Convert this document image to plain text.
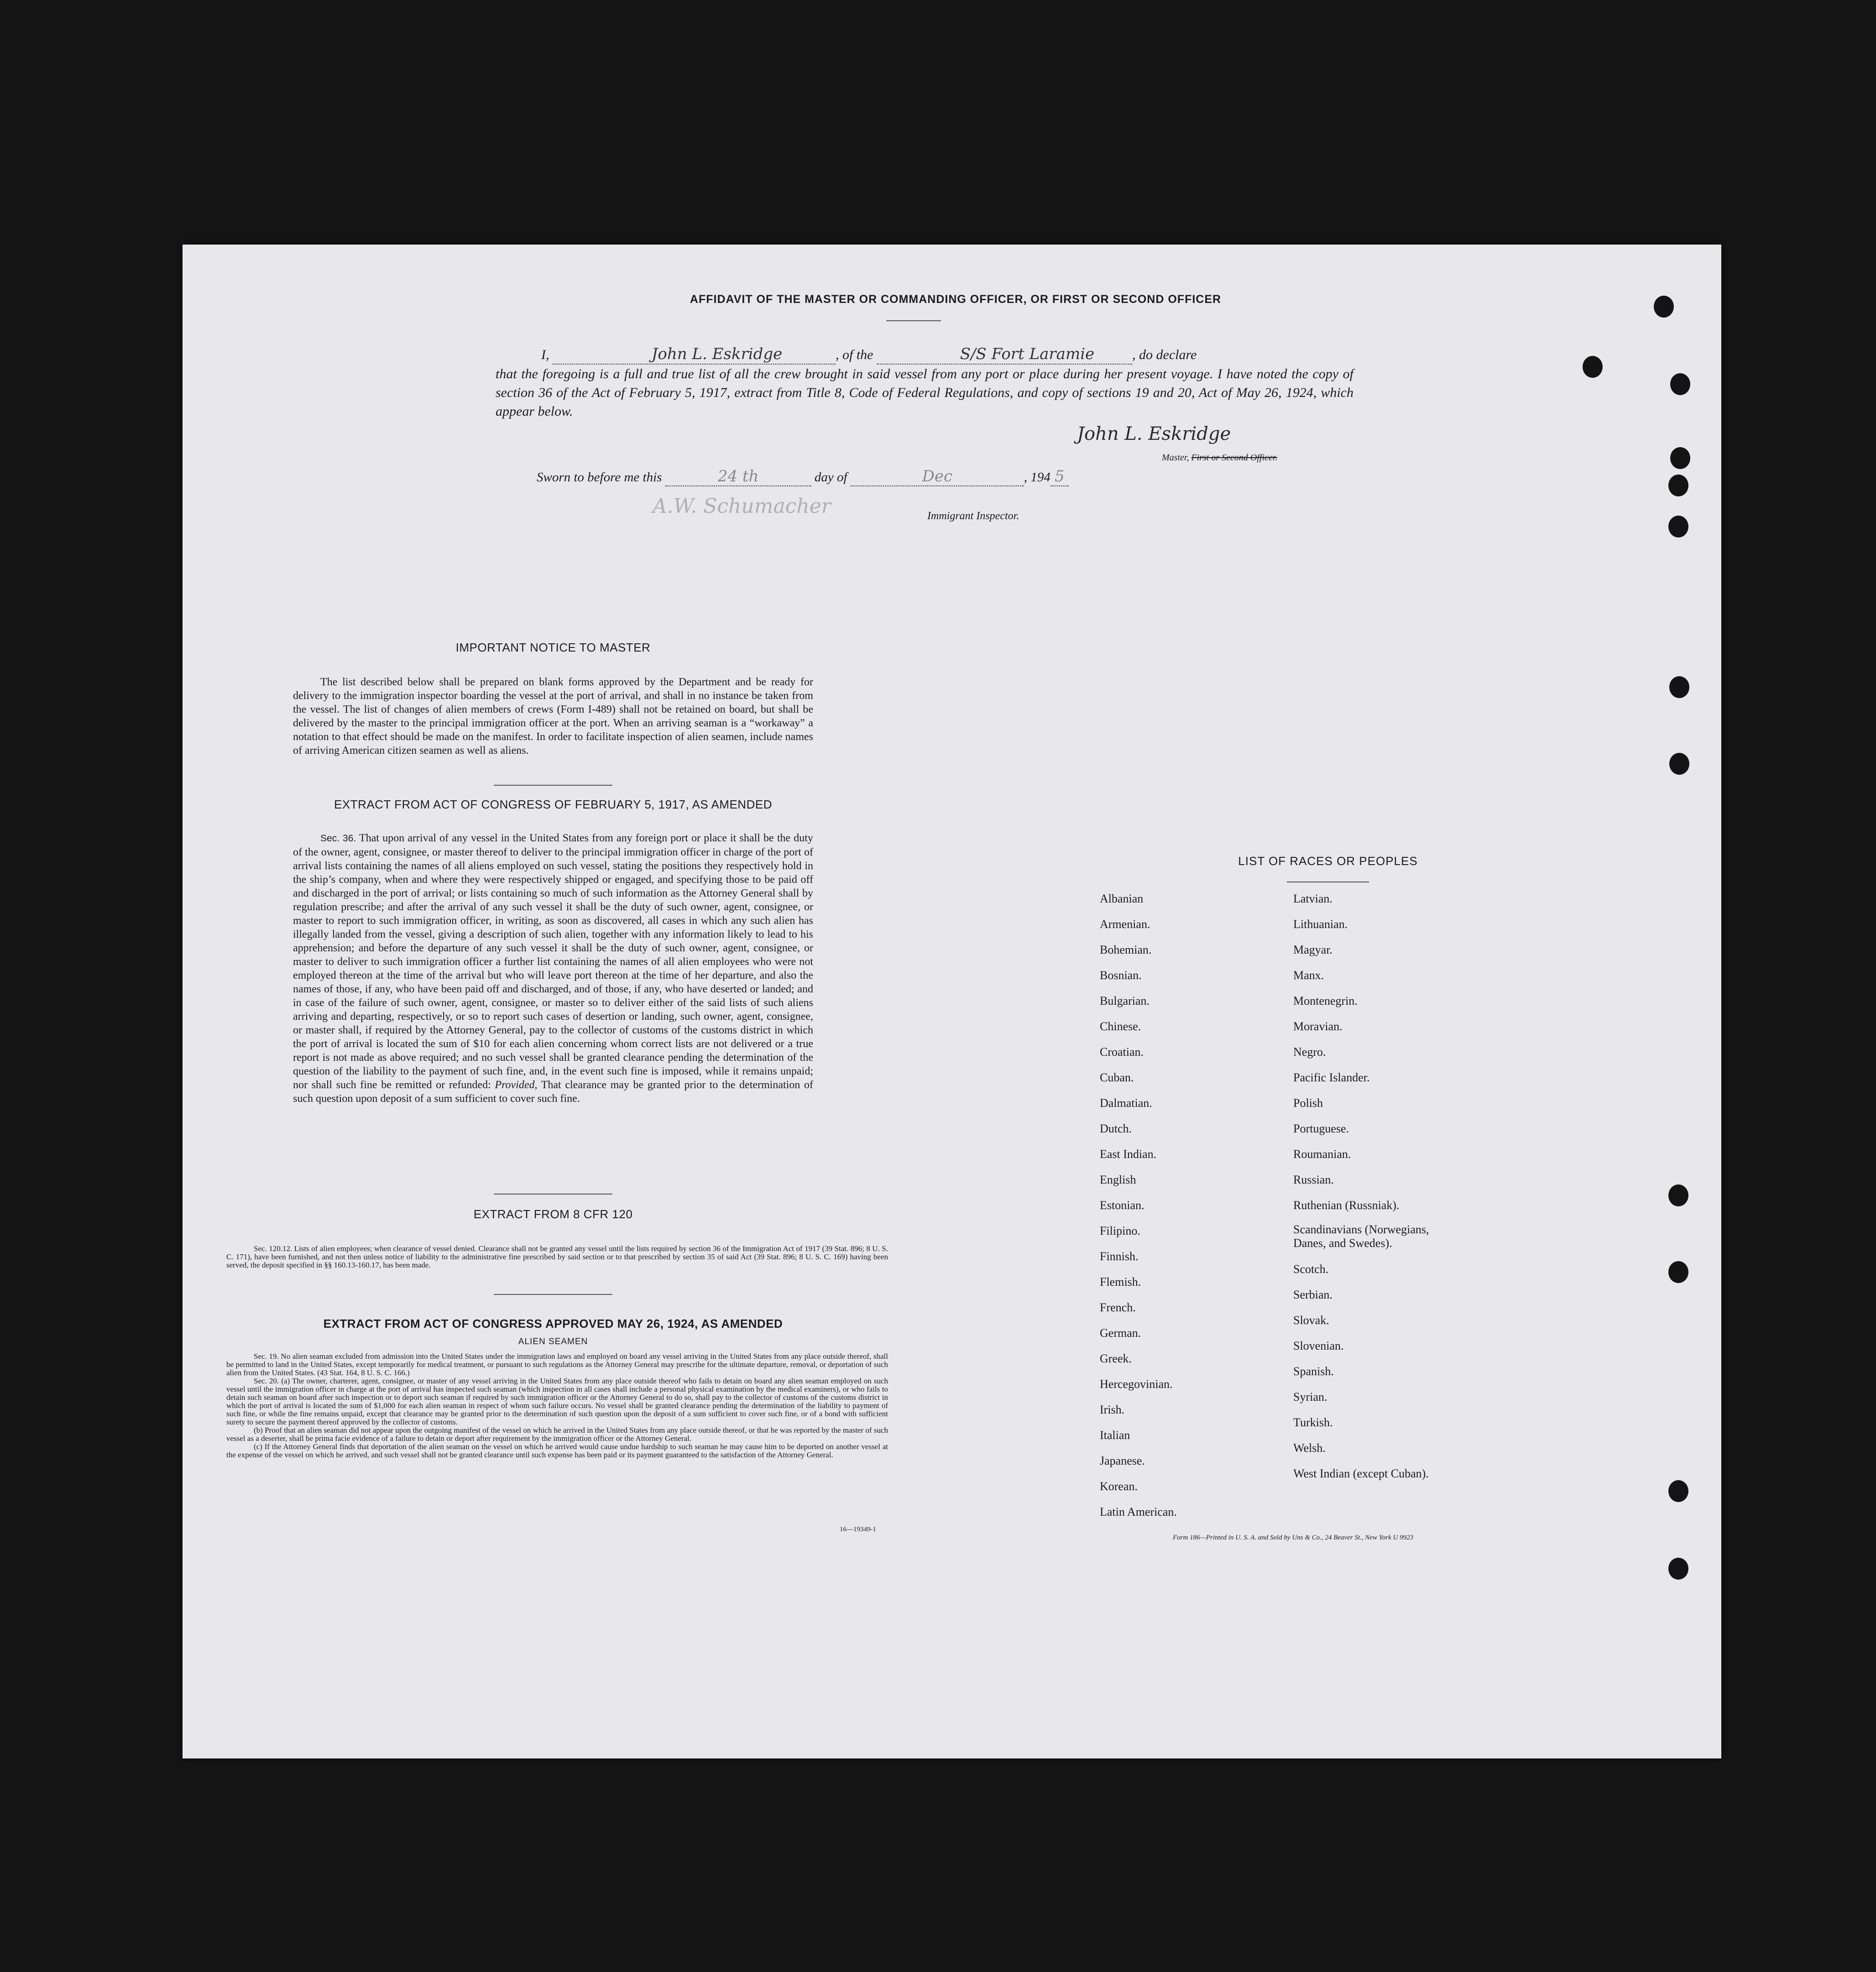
AFFIDAVIT OF THE MASTER OR COMMANDING OFFICER, OR FIRST OR SECOND OFFICER
I,	John L. Eskridge	, of the	S/S Fort Laramie	, do declare
that the foregoing is a full and true list of all the crew brought in said vessel from any port or place during her present voyage. I have noted the copy of section 36 of the Act of February 5, 1917, extract from Title 8, Code of Federal Regulations, and copy of sections 19 and 20, Act of May 26, 1924, which appear below.
John L. Eskridge
Master, First or Second Officer.
Sworn to before me this	24 th	day of	Dec	, 194 5
A.W. Schumacher	Immigrant Inspector.
IMPORTANT NOTICE TO MASTER
The list described below shall be prepared on blank forms approved by the Department and be ready for delivery to the immigration inspector boarding the vessel at the port of arrival, and shall in no instance be taken from the vessel. The list of changes of alien members of crews (Form I-489) shall not be retained on board, but shall be delivered by the master to the principal immigration officer at the port. When an arriving seaman is a “workaway” a notation to that effect should be made on the manifest. In order to facilitate inspection of alien seamen, include names of arriving American citizen seamen as well as aliens.
EXTRACT FROM ACT OF CONGRESS OF FEBRUARY 5, 1917, AS AMENDED
Sec. 36. That upon arrival of any vessel in the United States from any foreign port or place it shall be the duty of the owner, agent, consignee, or master thereof to deliver to the principal immigration officer in charge of the port of arrival lists containing the names of all aliens employed on such vessel, stating the positions they respectively hold in the ship’s company, when and where they were respectively shipped or engaged, and specifying those to be paid off and discharged in the port of arrival; or lists containing so much of such information as the Attorney General shall by regulation prescribe; and after the arrival of any such vessel it shall be the duty of such owner, agent, consignee, or master to report to such immigration officer, in writing, as soon as discovered, all cases in which any such alien has illegally landed from the vessel, giving a description of such alien, together with any information likely to lead to his apprehension; and before the departure of any such vessel it shall be the duty of such owner, agent, consignee, or master to deliver to such immigration officer a further list containing the names of all alien employees who were not employed thereon at the time of the arrival but who will leave port thereon at the time of her departure, and also the names of those, if any, who have been paid off and discharged, and of those, if any, who have deserted or landed; and in case of the failure of such owner, agent, consignee, or master so to deliver either of the said lists of such aliens arriving and departing, respectively, or so to report such cases of desertion or landing, such owner, agent, consignee, or master shall, if required by the Attorney General, pay to the collector of customs of the customs district in which the port of arrival is located the sum of $10 for each alien concerning whom correct lists are not delivered or a true report is not made as above required; and no such vessel shall be granted clearance pending the determination of the question of the liability to the payment of such fine, and, in the event such fine is imposed, while it remains unpaid; nor shall such fine be remitted or refunded: Provided, That clearance may be granted prior to the determination of such question upon deposit of a sum sufficient to cover such fine.
EXTRACT FROM 8 CFR 120
Sec. 120.12. Lists of alien employees; when clearance of vessel denied. Clearance shall not be granted any vessel until the lists required by section 36 of the Immigration Act of 1917 (39 Stat. 896; 8 U. S. C. 171), have been furnished, and not then unless notice of liability to the administrative fine prescribed by said section or to that prescribed by section 35 of said Act (39 Stat. 896; 8 U. S. C. 169) having been served, the deposit specified in §§ 160.13-160.17, has been made.
EXTRACT FROM ACT OF CONGRESS APPROVED MAY 26, 1924, AS AMENDED
ALIEN SEAMEN
Sec. 19. No alien seaman excluded from admission into the United States under the immigration laws and employed on board any vessel arriving in the United States from any place outside thereof, shall be permitted to land in the United States, except temporarily for medical treatment, or pursuant to such regulations as the Attorney General may prescribe for the ultimate departure, removal, or deportation of such alien from the United States. (43 Stat. 164, 8 U. S. C. 166.)
Sec. 20. (a) The owner, charterer, agent, consignee, or master of any vessel arriving in the United States from any place outside thereof who fails to detain on board any alien seaman employed on such vessel until the immigration officer in charge at the port of arrival has inspected such seaman (which inspection in all cases shall include a personal physical examination by the medical examiners), or who fails to detain such seaman on board after such inspection or to deport such seaman if required by such immigration officer or the Attorney General to do so, shall pay to the collector of customs of the customs district in which the port of arrival is located the sum of $1,000 for each alien seaman in respect of whom such failure occurs. No vessel shall be granted clearance pending the determination of the liability to payment of such fine, or while the fine remains unpaid, except that clearance may be granted prior to the determination of such question upon the deposit of a sum sufficient to cover such fine, or of a bond with sufficient surety to secure the payment thereof approved by the collector of customs.
(b) Proof that an alien seaman did not appear upon the outgoing manifest of the vessel on which he arrived in the United States from any place outside thereof, or that he was reported by the master of such vessel as a deserter, shall be prima facie evidence of a failure to detain or deport after requirement by the immigration officer or the Attorney General.
(c) If the Attorney General finds that deportation of the alien seaman on the vessel on which he arrived would cause undue hardship to such seaman he may cause him to be deported on another vessel at the expense of the vessel on which he arrived, and such vessel shall not be granted clearance until such expense has been paid or its payment guaranteed to the satisfaction of the Attorney General.
16—19349-1
LIST OF RACES OR PEOPLES
Albanian
Armenian.
Bohemian.
Bosnian.
Bulgarian.
Chinese.
Croatian.
Cuban.
Dalmatian.
Dutch.
East Indian.
English
Estonian.
Filipino.
Finnish.
Flemish.
French.
German.
Greek.
Hercegovinian.
Irish.
Italian
Japanese.
Korean.
Latin American.
Latvian.
Lithuanian.
Magyar.
Manx.
Montenegrin.
Moravian.
Negro.
Pacific Islander.
Polish
Portuguese.
Roumanian.
Russian.
Ruthenian (Russniak).
Scandinavians (Norwegians, Danes, and Swedes).
Scotch.
Serbian.
Slovak.
Slovenian.
Spanish.
Syrian.
Turkish.
Welsh.
West Indian (except Cuban).
Form 186—Printed in U. S. A. and Sold by Uns & Co., 24 Beaver St., New York U 9923
